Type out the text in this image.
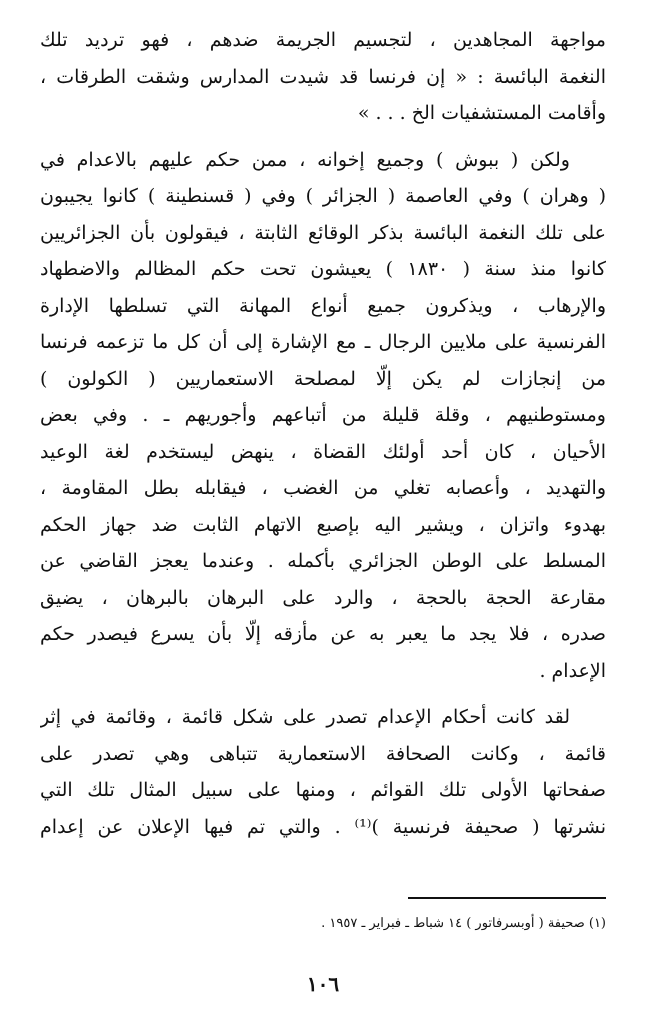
مواجهة المجاهدين ، لتجسيم الجريمة ضدهم ، فهو ترديد تلك
النغمة البائسة : « إن فرنسا قد شيدت المدارس وشقت الطرقات ،
وأقامت المستشفيات الخ . . . »
ولكن ( ببوش ) وجميع إخوانه ، ممن حكم عليهم بالاعدام في
( وهران ) وفي العاصمة ( الجزائر ) وفي ( قسنطينة ) كانوا يجيبون
على تلك النغمة البائسة بذكر الوقائع الثابتة ، فيقولون بأن الجزائريين
كانوا منذ سنة ( ١٨٣٠ ) يعيشون تحت حكم المظالم والاضطهاد
والإرهاب ، ويذكرون جميع أنواع المهانة التي تسلطها الإدارة
الفرنسية على ملايين الرجال ـ مع الإشارة إلى أن كل ما تزعمه فرنسا
من إنجازات لم يكن إلّا لمصلحة الاستعماريين ( الكولون )
ومستوطنيهم ، وقلة قليلة من أتباعهم وأجوريهم ـ . وفي بعض
الأحيان ، كان أحد أولئك القضاة ، ينهض ليستخدم لغة الوعيد
والتهديد ، وأعصابه تغلي من الغضب ، فيقابله بطل المقاومة ،
بهدوء واتزان ، ويشير اليه بإصبع الاتهام الثابت ضد جهاز الحكم
المسلط على الوطن الجزائري بأكمله . وعندما يعجز القاضي عن
مقارعة الحجة بالحجة ، والرد على البرهان بالبرهان ، يضيق
صدره ، فلا يجد ما يعبر به عن مأزقه إلّا بأن يسرع فيصدر حكم
الإعدام .
لقد كانت أحكام الإعدام تصدر على شكل قائمة ، وقائمة في إثر
قائمة ، وكانت الصحافة الاستعمارية تتباهى وهي تصدر على
صفحاتها الأولى تلك القوائم ، ومنها على سبيل المثال تلك التي
نشرتها ( صحيفة فرنسية )⁽¹⁾ . والتي تم فيها الإعلان عن إعدام
(١) صحيفة ( أوبسرفاتور ) ١٤ شباط ـ فبراير ـ ١٩٥٧ .
١٠٦
